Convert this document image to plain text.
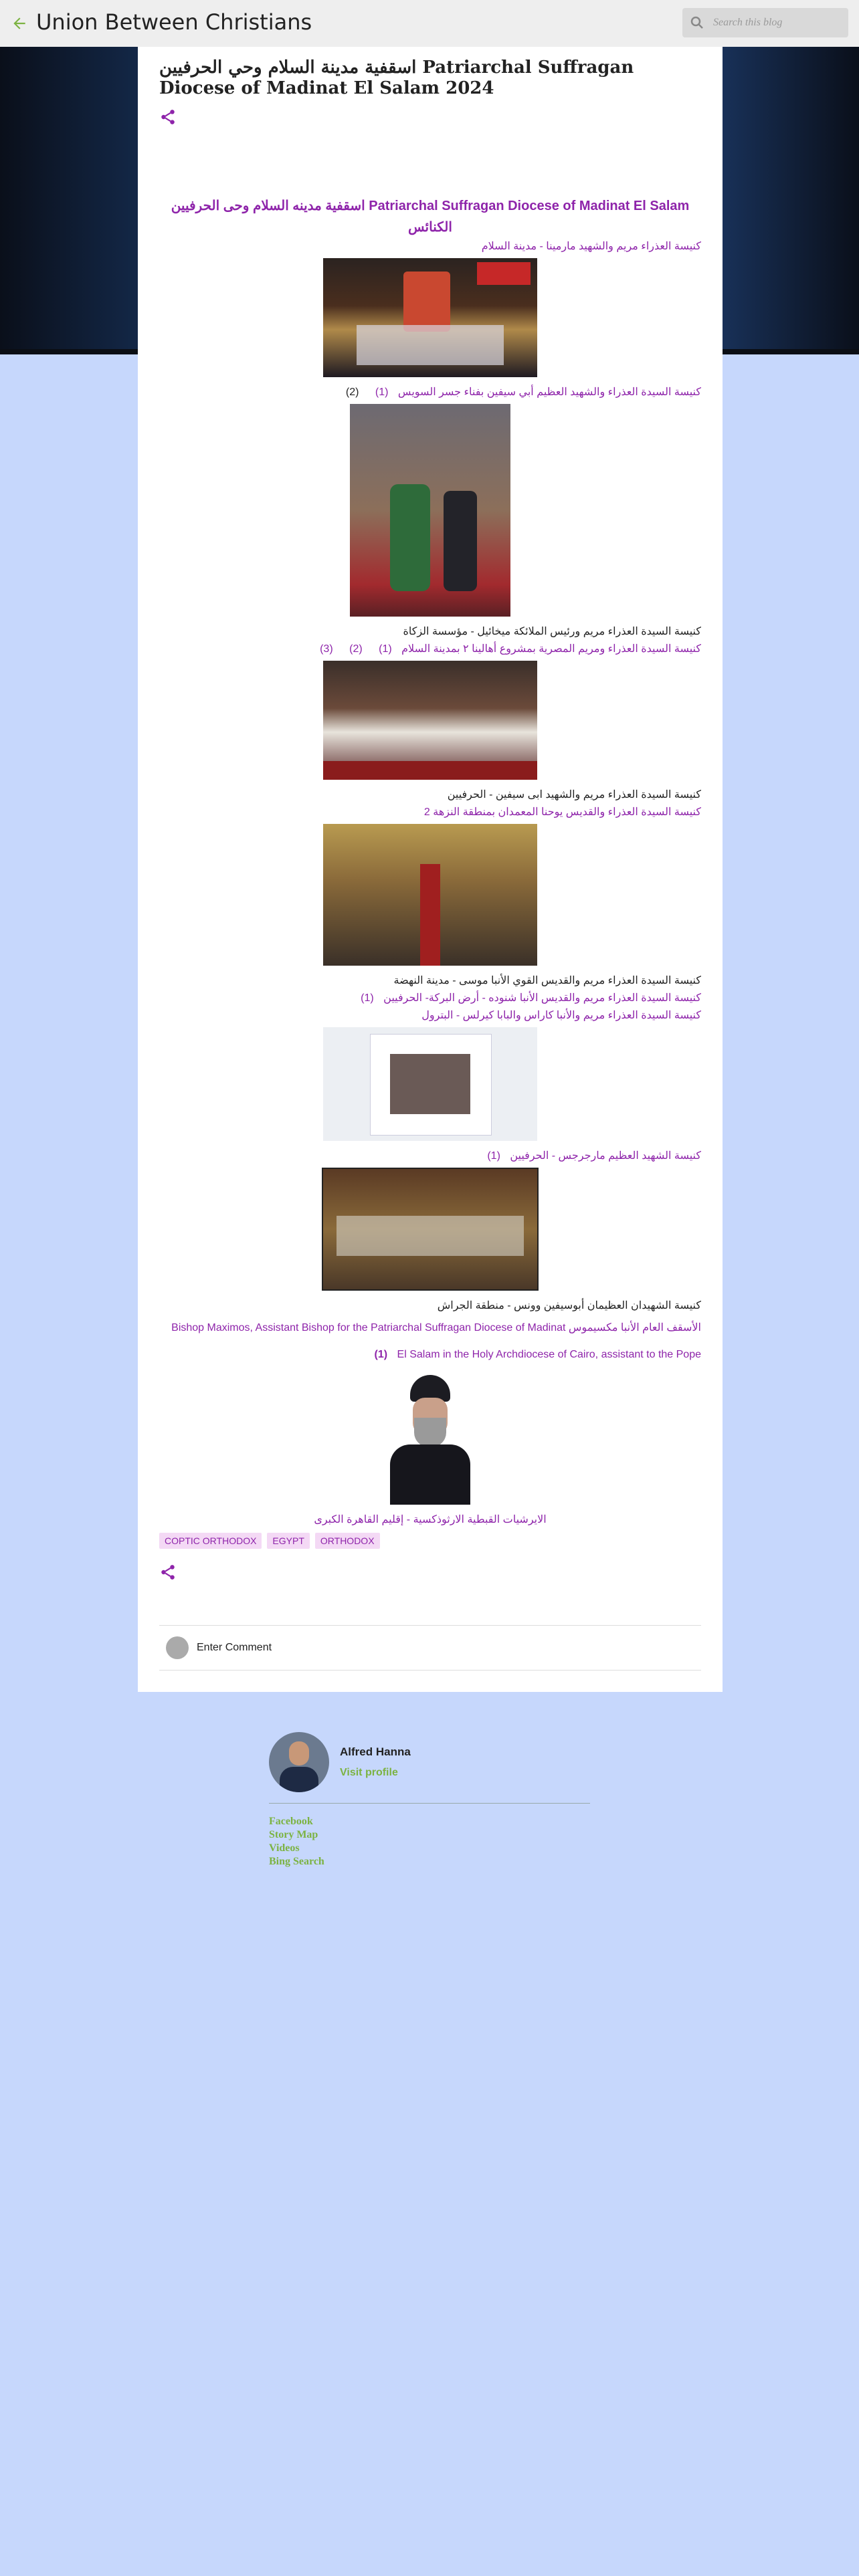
Union Between Christians	Search this blog
اسقفية مدينة السلام وحي الحرفيين Patriarchal Suffragan Diocese of Madinat El Salam 2024
اسقفية مدينه السلام وحى الحرفيين Patriarchal Suffragan Diocese of Madinat El Salam
الكنائس
كنيسة العذراء مريم والشهيد مارمينا - مدينة السلام
كنيسة السيدة العذراء والشهيد العظيم أبي سيفين بفناء جسر السويس (1) (2)
كنيسة السيدة العذراء مريم ورئيس الملائكة ميخائيل - مؤسسة الزكاة
كنيسة السيدة العذراء ومريم المصرية بمشروع أهالينا ٢ بمدينة السلام (1) (2) (3)
كنيسة السيدة العذراء مريم والشهيد ابى سيفين - الحرفيين
كنيسة السيدة العذراء والقديس يوحنا المعمدان بمنطقة النزهة 2
كنيسة السيدة العذراء مريم والقديس القوي الأنبا موسى - مدينة النهضة
كنيسة السيدة العذراء مريم والقديس الأنبا شنوده - أرض البركة- الحرفيين (1)
كنيسة السيدة العذراء مريم والأنبا كاراس والبابا كيرلس - البترول
كنيسة الشهيد العظيم مارجرجس - الحرفيين (1)
كنيسة الشهيدان العظيمان أبوسيفين وونس - منطقة الجراش
الأسقف العام الأنبا مكسيموس Bishop Maximos, Assistant Bishop for the Patriarchal Suffragan Diocese of Madinat El Salam in the Holy Archdiocese of Cairo, assistant to the Pope (1)
الايرشيات القبطية الارثوذكسية - إقليم القاهرة الكبرى
COPTIC ORTHODOX	EGYPT	ORTHODOX
Enter Comment
Alfred Hanna
Visit profile
Facebook
Story Map
Videos
Bing Search
